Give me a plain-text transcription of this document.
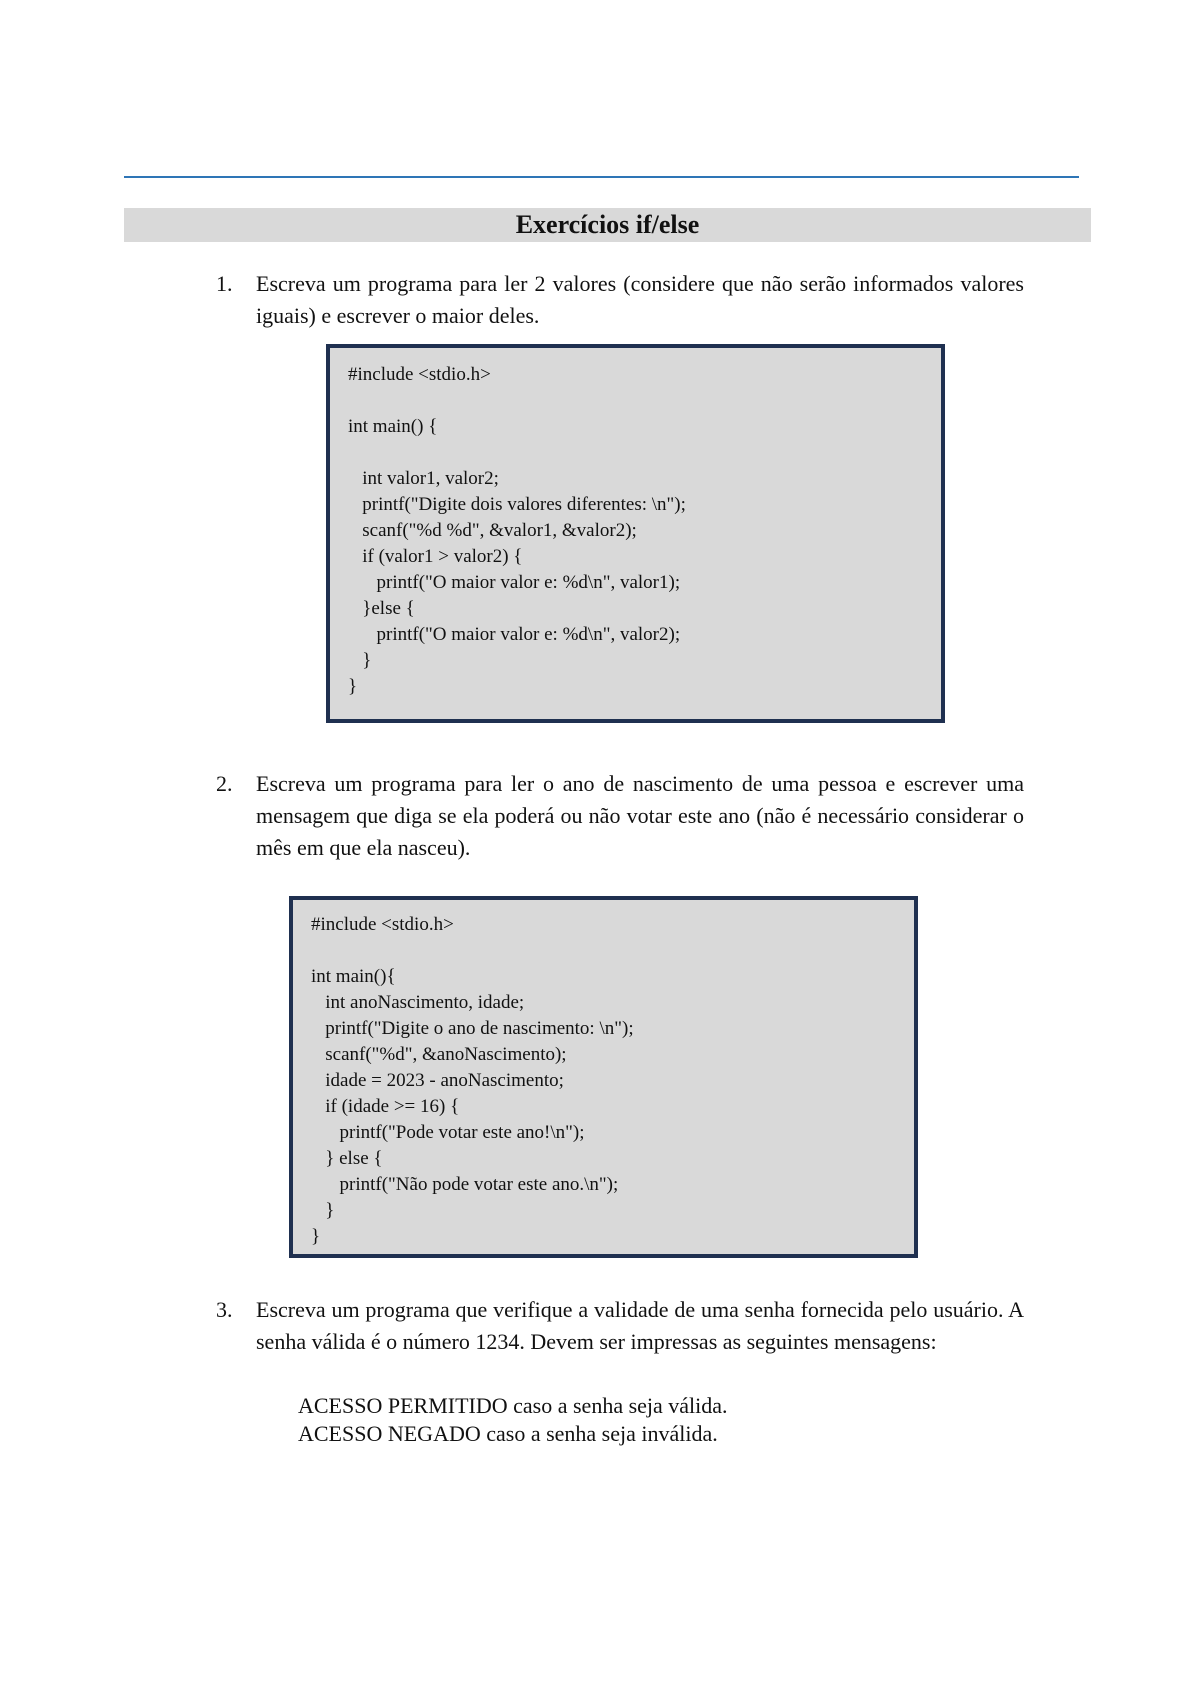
Exercícios if/else
1. Escreva um programa para ler 2 valores (considere que não serão informados valores iguais) e escrever o maior deles.
#include <stdio.h>
int main() {
int valor1, valor2;
printf("Digite dois valores diferentes: \n");
scanf("%d %d", &valor1, &valor2);
if (valor1 > valor2) {
printf("O maior valor e: %d\n", valor1);
}else {
printf("O maior valor e: %d\n", valor2);
}
}
2. Escreva um programa para ler o ano de nascimento de uma pessoa e escrever uma mensagem que diga se ela poderá ou não votar este ano (não é necessário considerar o mês em que ela nasceu).
#include <stdio.h>
int main(){
int anoNascimento, idade;
printf("Digite o ano de nascimento: \n");
scanf("%d", &anoNascimento);
idade = 2023 - anoNascimento;
if (idade >= 16) {
printf("Pode votar este ano!\n");
} else {
printf("Não pode votar este ano.\n");
}
}
3. Escreva um programa que verifique a validade de uma senha fornecida pelo usuário. A senha válida é o número 1234. Devem ser impressas as seguintes mensagens:
ACESSO PERMITIDO caso a senha seja válida.
ACESSO NEGADO caso a senha seja inválida.
